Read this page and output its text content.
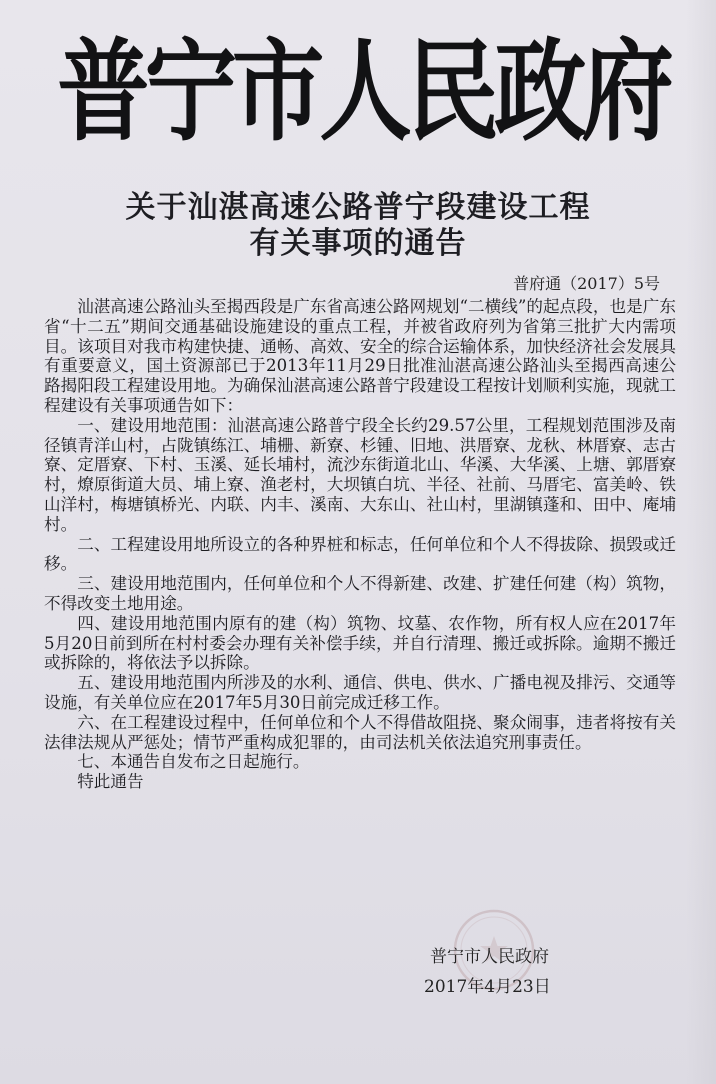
普宁市人民政府
关于汕湛高速公路普宁段建设工程
有关事项的通告
普府通（2017）5号

汕湛高速公路汕头至揭西段是广东省高速公路网规划“二横线”的起点段，也是广东省“十二五”期间交通基础设施建设的重点工程，并被省政府列为省第三批扩大内需项目。该项目对我市构建快捷、通畅、高效、安全的综合运输体系，加快经济社会发展具有重要意义，国土资源部已于2013年11月29日批准汕湛高速公路汕头至揭西高速公路揭阳段工程建设用地。为确保汕湛高速公路普宁段建设工程按计划顺利实施，现就工程建设有关事项通告如下：

一、建设用地范围：汕湛高速公路普宁段全长约29.57公里，工程规划范围涉及南径镇青洋山村，占陇镇练江、埔栅、新寮、杉锺、旧地、洪厝寮、龙秋、林厝寮、志古寮、定厝寮、下村、玉溪、延长埔村，流沙东街道北山、华溪、大华溪、上塘、郭厝寮村，燎原街道大员、埔上寮、渔老村，大坝镇白坑、半径、社前、马厝宅、富美岭、铁山洋村，梅塘镇桥光、内联、内丰、溪南、大东山、社山村，里湖镇蓬和、田中、庵埔村。

二、工程建设用地所设立的各种界桩和标志，任何单位和个人不得拔除、损毁或迁移。

三、建设用地范围内，任何单位和个人不得新建、改建、扩建任何建（构）筑物，不得改变土地用途。

四、建设用地范围内原有的建（构）筑物、坟墓、农作物，所有权人应在2017年5月20日前到所在村村委会办理有关补偿手续，并自行清理、搬迁或拆除。逾期不搬迁或拆除的，将依法予以拆除。

五、建设用地范围内所涉及的水利、通信、供电、供水、广播电视及排污、交通等设施，有关单位应在2017年5月30日前完成迁移工作。

六、在工程建设过程中，任何单位和个人不得借故阻挠、聚众闹事，违者将按有关法律法规从严惩处；情节严重构成犯罪的，由司法机关依法追究刑事责任。

七、本通告自发布之日起施行。

特此通告

普宁市人民政府
2017年4月23日
